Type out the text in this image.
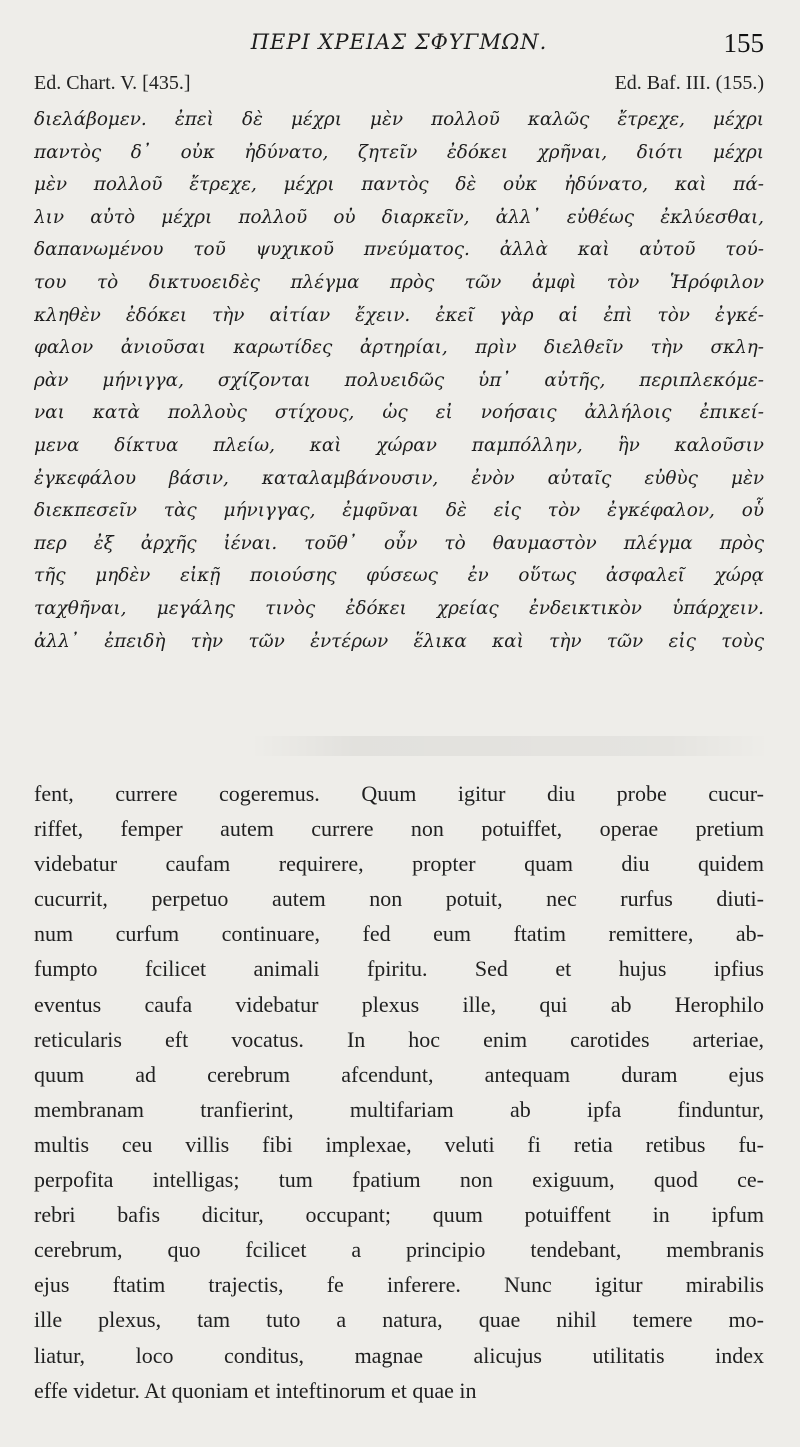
ΠΕΡΙ ΧΡΕΙΑΣ ΣΦΥΓΜΩΝ.	155
Ed. Chart. V. [435.]	Ed. Baf. III. (155.)
διελάβομεν. ἐπεὶ δὲ μέχρι μὲν πολλοῦ καλῶς ἔτρεχε, μέχρι
παντὸς δ᾽ οὐκ ἠδύνατο, ζητεῖν ἐδόκει χρῆναι, διότι μέχρι
μὲν πολλοῦ ἔτρεχε, μέχρι παντὸς δὲ οὐκ ἠδύνατο, καὶ πά-
λιν αὐτὸ μέχρι πολλοῦ οὐ διαρκεῖν, ἀλλ᾽ εὐθέως ἐκλύεσθαι,
δαπανωμένου τοῦ ψυχικοῦ πνεύματος. ἀλλὰ καὶ αὐτοῦ τού-
του τὸ δικτυοειδὲς πλέγμα πρὸς τῶν ἀμφὶ τὸν Ἡρόφιλον
κληθὲν ἐδόκει τὴν αἰτίαν ἔχειν. ἐκεῖ γὰρ αἱ ἐπὶ τὸν ἐγκέ-
φαλον ἀνιοῦσαι καρωτίδες ἀρτηρίαι, πρὶν διελθεῖν τὴν σκλη-
ρὰν μήνιγγα, σχίζονται πολυειδῶς ὑπ᾽ αὐτῆς, περιπλεκόμε-
ναι κατὰ πολλοὺς στίχους, ὡς εἰ νοήσαις ἀλλήλοις ἐπικεί-
μενα δίκτυα πλείω, καὶ χώραν παμπόλλην, ἣν καλοῦσιν
ἐγκεφάλου βάσιν, καταλαμβάνουσιν, ἐνὸν αὐταῖς εὐθὺς μὲν
διεκπεσεῖν τὰς μήνιγγας, ἐμφῦναι δὲ εἰς τὸν ἐγκέφαλον, οὗ
περ ἐξ ἀρχῆς ἰέναι. τοῦθ᾽ οὖν τὸ θαυμαστὸν πλέγμα πρὸς
τῆς μηδὲν εἰκῇ ποιούσης φύσεως ἐν οὕτως ἀσφαλεῖ χώρᾳ
ταχθῆναι, μεγάλης τινὸς ἐδόκει χρείας ἐνδεικτικὸν ὑπάρχειν.
ἀλλ᾽ ἐπειδὴ τὴν τῶν ἐντέρων ἕλικα καὶ τὴν τῶν εἰς τοὺς
fent, currere cogeremus. Quum igitur diu probe cucur-
riffet, femper autem currere non potuiffet, operae pretium
videbatur caufam requirere, propter quam diu quidem
cucurrit, perpetuo autem non potuit, nec rurfus diuti-
num curfum continuare, fed eum ftatim remittere, ab-
fumpto fcilicet animali fpiritu. Sed et hujus ipfius
eventus caufa videbatur plexus ille, qui ab Herophilo
reticularis eft vocatus. In hoc enim carotides arteriae,
quum ad cerebrum afcendunt, antequam duram ejus
membranam tranfierint, multifariam ab ipfa finduntur,
multis ceu villis fibi implexae, veluti fi retia retibus fu-
perpofita intelligas; tum fpatium non exiguum, quod ce-
rebri bafis dicitur, occupant; quum potuiffent in ipfum
cerebrum, quo fcilicet a principio tendebant, membranis
ejus ftatim trajectis, fe inferere. Nunc igitur mirabilis
ille plexus, tam tuto a natura, quae nihil temere mo-
liatur, loco conditus, magnae alicujus utilitatis index
effe videtur. At quoniam et inteftinorum et quae in
